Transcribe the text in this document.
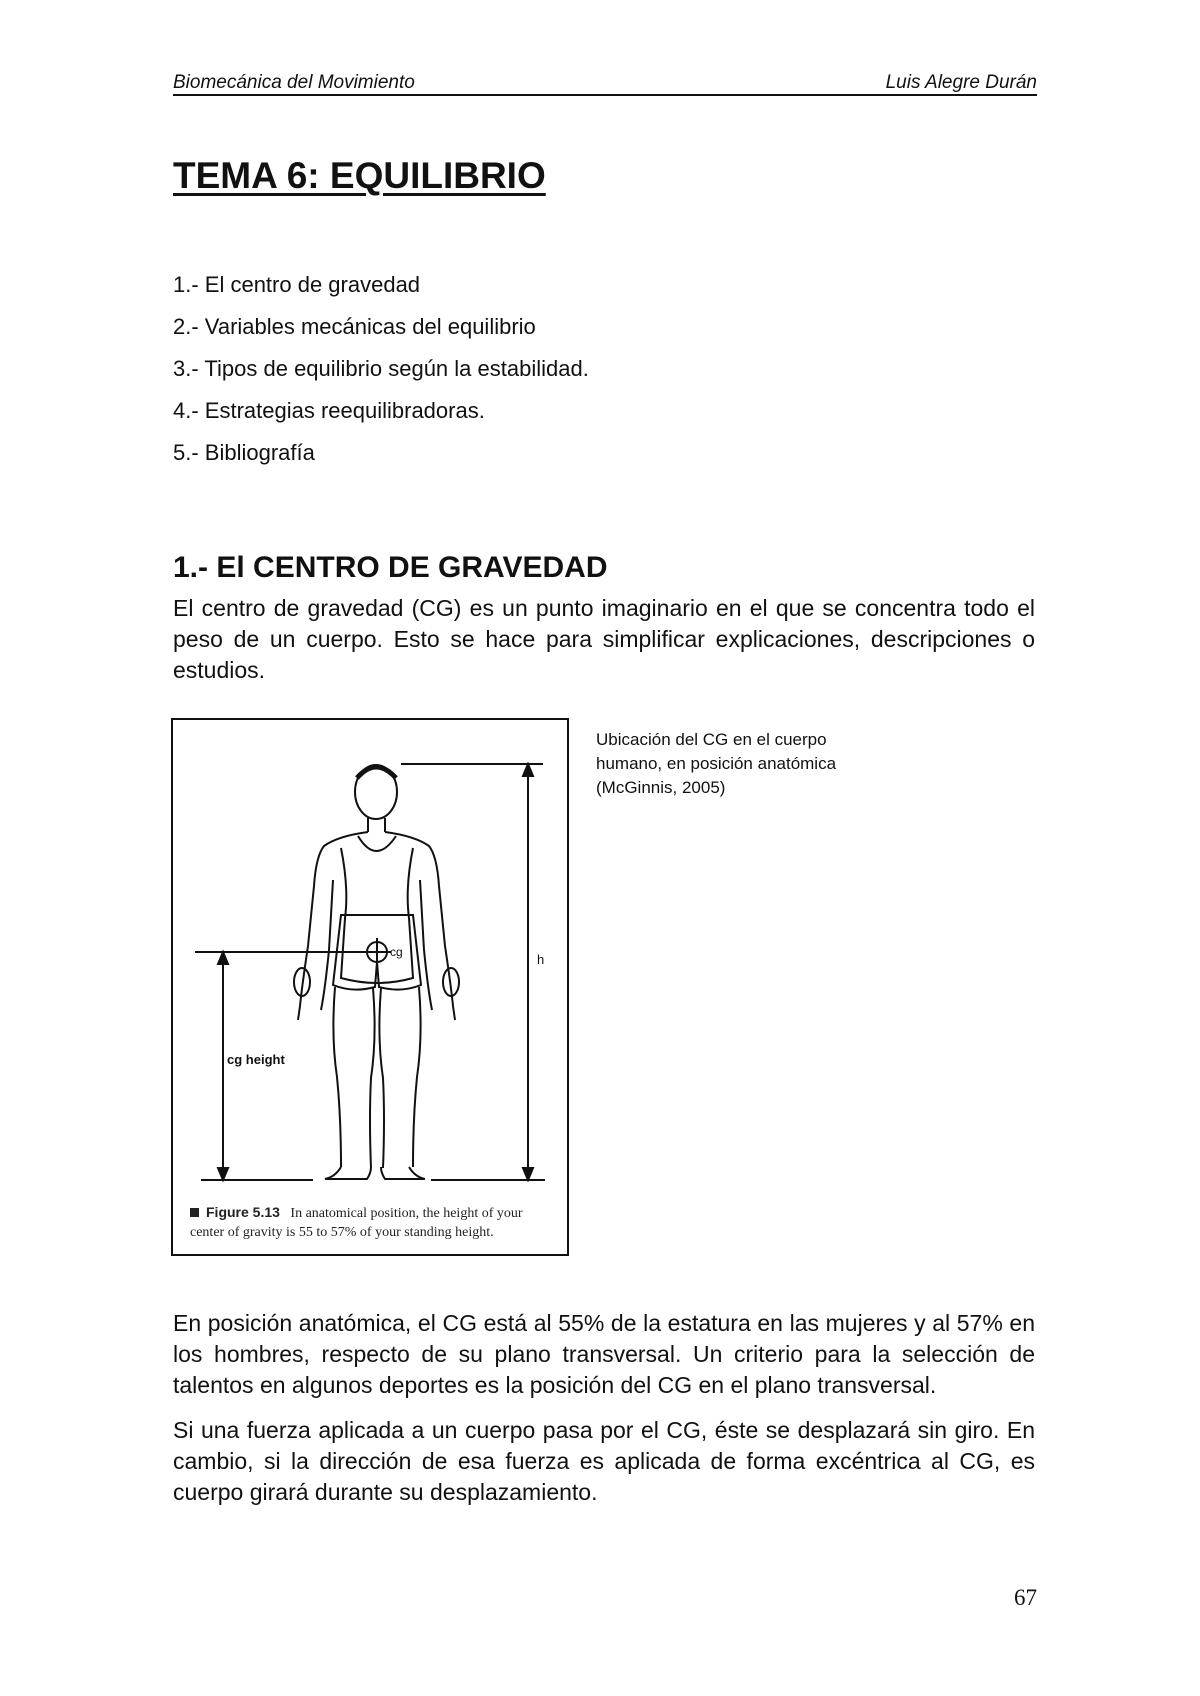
Biomecánica del Movimiento	Luis Alegre Durán
TEMA 6: EQUILIBRIO
1.- El centro de gravedad
2.- Variables mecánicas del equilibrio
3.- Tipos de equilibrio según la estabilidad.
4.- Estrategias reequilibradoras.
5.- Bibliografía
1.- El CENTRO DE GRAVEDAD

El centro de gravedad (CG) es un punto imaginario en el que se concentra todo el peso de un cuerpo. Esto se hace para simplificar explicaciones, descripciones o estudios.

h
cg
cg height
Figure 5.13 In anatomical position, the height of your center of gravity is 55 to 57% of your standing height.
Ubicación del CG en el cuerpo humano, en posición anatómica (McGinnis, 2005)

En posición anatómica, el CG está al 55% de la estatura en las mujeres y al 57% en los hombres, respecto de su plano transversal. Un criterio para la selección de talentos en algunos deportes es la posición del CG en el plano transversal.

Si una fuerza aplicada a un cuerpo pasa por el CG, éste se desplazará sin giro. En cambio, si la dirección de esa fuerza es aplicada de forma excéntrica al CG, es cuerpo girará durante su desplazamiento.

67
